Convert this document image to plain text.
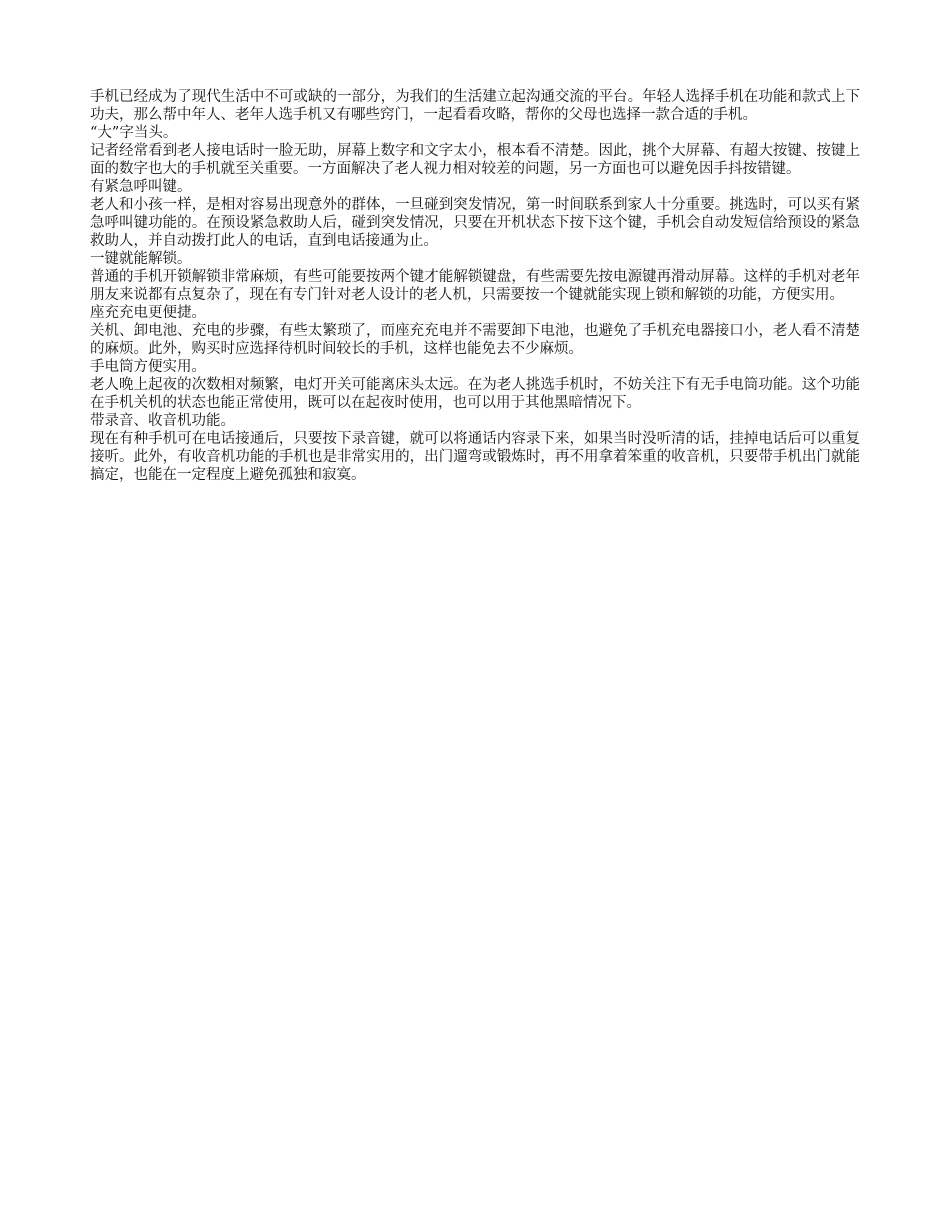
手机已经成为了现代生活中不可或缺的一部分，为我们的生活建立起沟通交流的平台。年轻人选择手机在功能和款式上下功夫，那么帮中年人、老年人选手机又有哪些窍门，一起看看攻略，帮你的父母也选择一款合适的手机。

“大”字当头。

记者经常看到老人接电话时一脸无助，屏幕上数字和文字太小，根本看不清楚。因此，挑个大屏幕、有超大按键、按键上面的数字也大的手机就至关重要。一方面解决了老人视力相对较差的问题，另一方面也可以避免因手抖按错键。

有紧急呼叫键。

老人和小孩一样，是相对容易出现意外的群体，一旦碰到突发情况，第一时间联系到家人十分重要。挑选时，可以买有紧急呼叫键功能的。在预设紧急救助人后，碰到突发情况，只要在开机状态下按下这个键，手机会自动发短信给预设的紧急救助人，并自动拨打此人的电话，直到电话接通为止。

一键就能解锁。

普通的手机开锁解锁非常麻烦，有些可能要按两个键才能解锁键盘，有些需要先按电源键再滑动屏幕。这样的手机对老年朋友来说都有点复杂了，现在有专门针对老人设计的老人机，只需要按一个键就能实现上锁和解锁的功能，方便实用。

座充充电更便捷。

关机、卸电池、充电的步骤，有些太繁琐了，而座充充电并不需要卸下电池，也避免了手机充电器接口小，老人看不清楚的麻烦。此外，购买时应选择待机时间较长的手机，这样也能免去不少麻烦。

手电筒方便实用。

老人晚上起夜的次数相对频繁，电灯开关可能离床头太远。在为老人挑选手机时，不妨关注下有无手电筒功能。这个功能在手机关机的状态也能正常使用，既可以在起夜时使用，也可以用于其他黑暗情况下。

带录音、收音机功能。

现在有种手机可在电话接通后，只要按下录音键，就可以将通话内容录下来，如果当时没听清的话，挂掉电话后可以重复接听。此外，有收音机功能的手机也是非常实用的，出门遛弯或锻炼时，再不用拿着笨重的收音机，只要带手机出门就能搞定，也能在一定程度上避免孤独和寂寞。
